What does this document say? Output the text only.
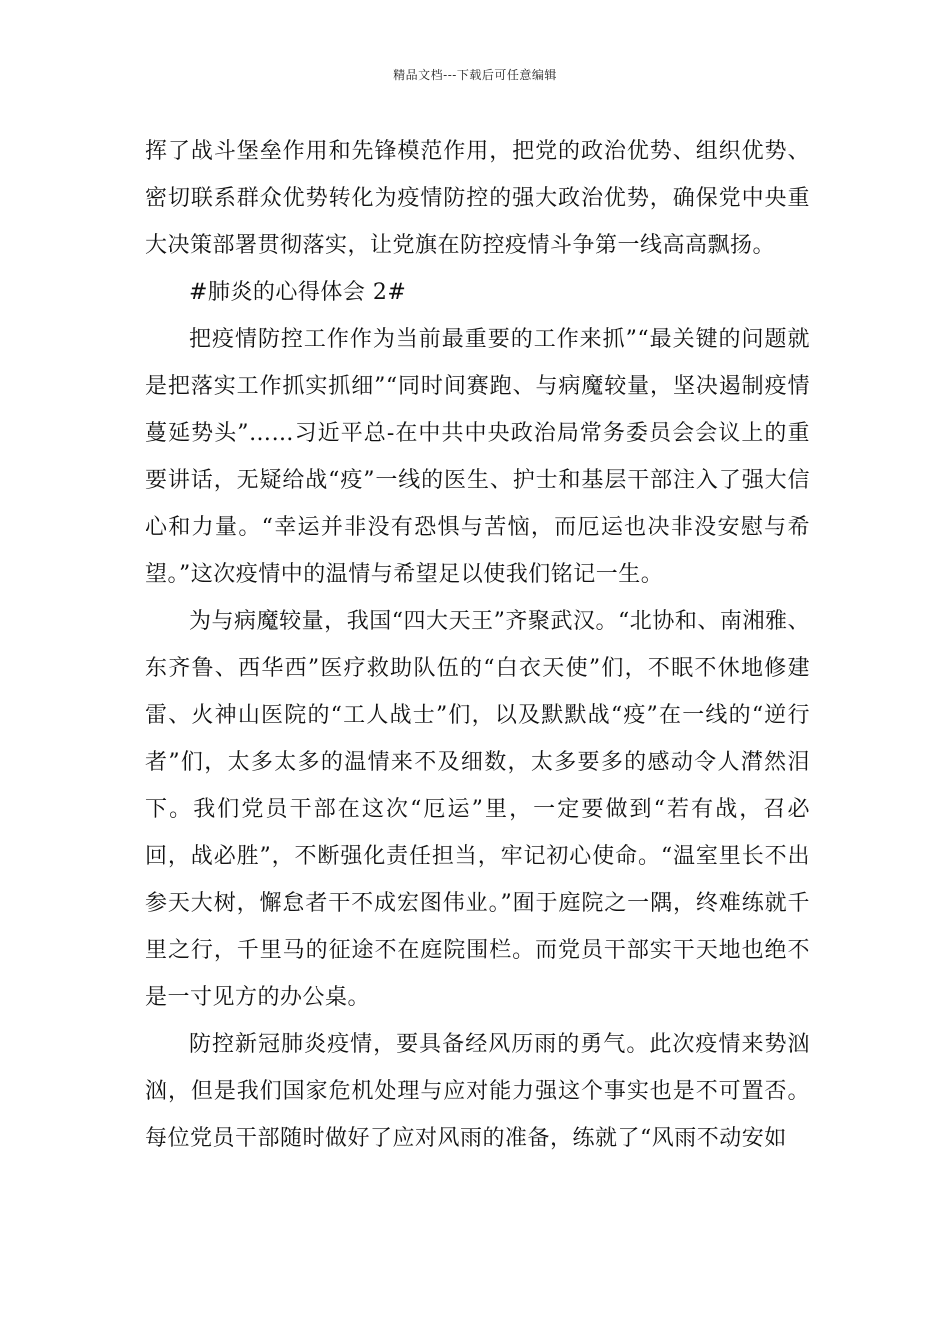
精品文档---下载后可任意编辑

挥了战斗堡垒作用和先锋模范作用，把党的政治优势、组织优势、密切联系群众优势转化为疫情防控的强大政治优势，确保党中央重大决策部署贯彻落实，让党旗在防控疫情斗争第一线高高飘扬。

#肺炎的心得体会 2#

把疫情防控工作作为当前最重要的工作来抓”“最关键的问题就是把落实工作抓实抓细”“同时间赛跑、与病魔较量，坚决遏制疫情蔓延势头”……习近平总-在中共中央政治局常务委员会会议上的重要讲话，无疑给战“疫”一线的医生、护士和基层干部注入了强大信心和力量。“幸运并非没有恐惧与苦恼，而厄运也决非没安慰与希望。”这次疫情中的温情与希望足以使我们铭记一生。

为与病魔较量，我国“四大天王”齐聚武汉。“北协和、南湘雅、东齐鲁、西华西”医疗救助队伍的“白衣天使”们，不眠不休地修建雷、火神山医院的“工人战士”们，以及默默战“疫”在一线的“逆行者”们，太多太多的温情来不及细数，太多要多的感动令人潸然泪下。我们党员干部在这次“厄运”里，一定要做到“若有战，召必回，战必胜”，不断强化责任担当，牢记初心使命。“温室里长不出参天大树，懈怠者干不成宏图伟业。”囿于庭院之一隅，终难练就千里之行，千里马的征途不在庭院围栏。而党员干部实干天地也绝不是一寸见方的办公桌。

防控新冠肺炎疫情，要具备经风历雨的勇气。此次疫情来势汹汹，但是我们国家危机处理与应对能力强这个事实也是不可置否。每位党员干部随时做好了应对风雨的准备，练就了“风雨不动安如
